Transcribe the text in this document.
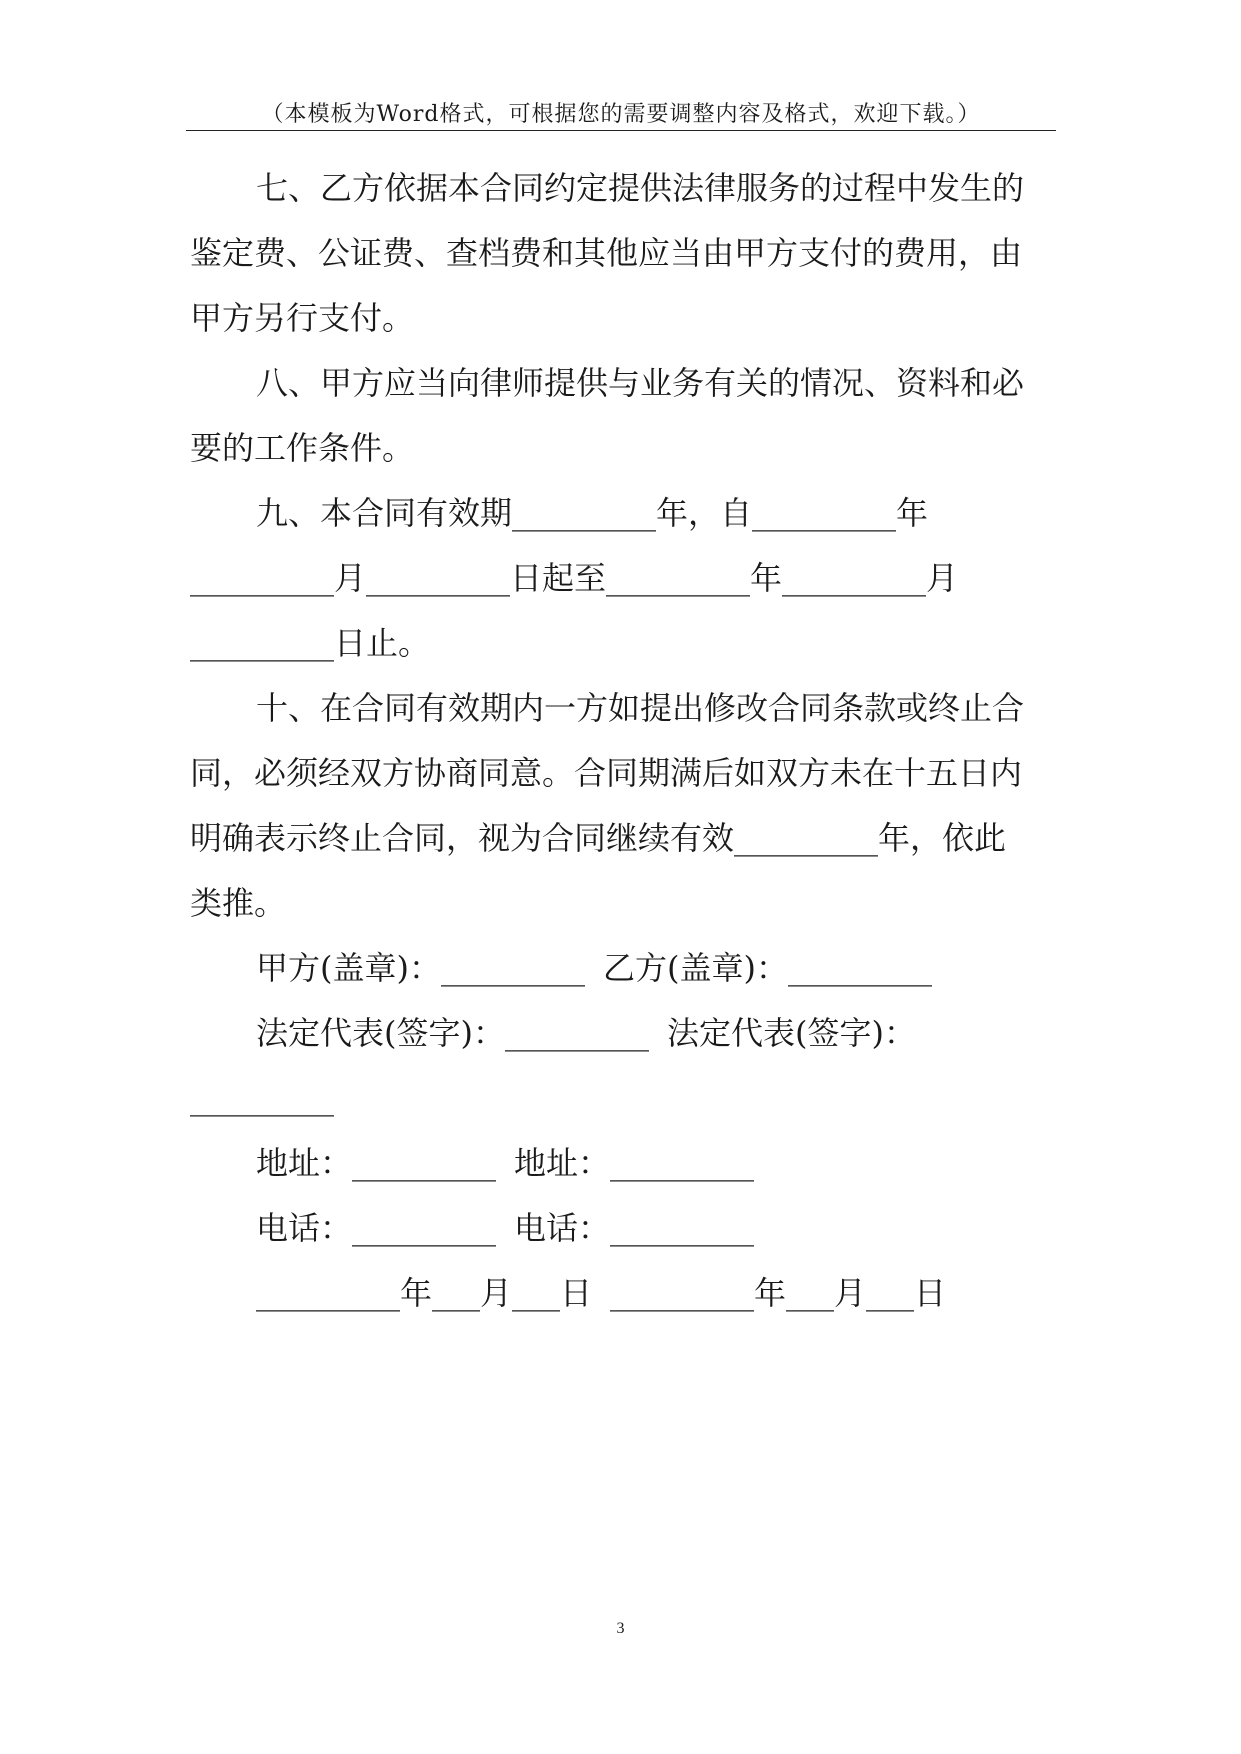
（本模板为Word格式，可根据您的需要调整内容及格式，欢迎下载。）

七、乙方依据本合同约定提供法律服务的过程中发生的

鉴定费、公证费、查档费和其他应当由甲方支付的费用，由

甲方另行支付。

八、甲方应当向律师提供与业务有关的情况、资料和必

要的工作条件。

九、本合同有效期_________年，自_________年

_________月_________日起至_________年_________月

_________日止。

十、在合同有效期内一方如提出修改合同条款或终止合

同，必须经双方协商同意。合同期满后如双方未在十五日内

明确表示终止合同，视为合同继续有效_________年，依此

类推。

甲方(盖章)：_________ 乙方(盖章)：_________

法定代表(签字)：_________ 法定代表(签字)：

_________

地址：_________ 地址：_________

电话：_________ 电话：_________

_________年___月___日 _________年___月___日

3
